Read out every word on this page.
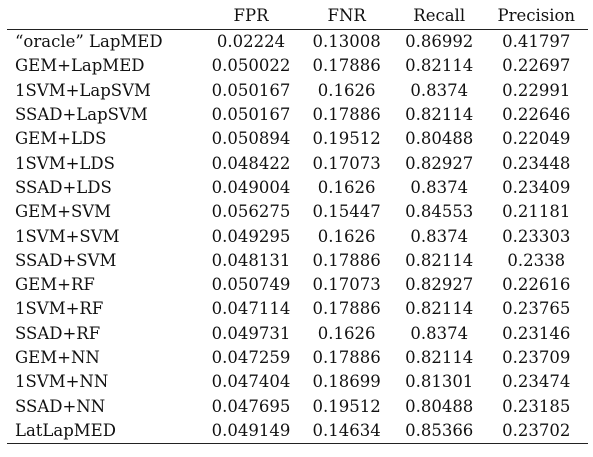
	FPR	FNR	Recall	Precision
“oracle” LapMED	0.02224	0.13008	0.86992	0.41797
GEM+LapMED	0.050022	0.17886	0.82114	0.22697
1SVM+LapSVM	0.050167	0.1626	0.8374	0.22991
SSAD+LapSVM	0.050167	0.17886	0.82114	0.22646
GEM+LDS	0.050894	0.19512	0.80488	0.22049
1SVM+LDS	0.048422	0.17073	0.82927	0.23448
SSAD+LDS	0.049004	0.1626	0.8374	0.23409
GEM+SVM	0.056275	0.15447	0.84553	0.21181
1SVM+SVM	0.049295	0.1626	0.8374	0.23303
SSAD+SVM	0.048131	0.17886	0.82114	0.2338
GEM+RF	0.050749	0.17073	0.82927	0.22616
1SVM+RF	0.047114	0.17886	0.82114	0.23765
SSAD+RF	0.049731	0.1626	0.8374	0.23146
GEM+NN	0.047259	0.17886	0.82114	0.23709
1SVM+NN	0.047404	0.18699	0.81301	0.23474
SSAD+NN	0.047695	0.19512	0.80488	0.23185
LatLapMED	0.049149	0.14634	0.85366	0.23702
